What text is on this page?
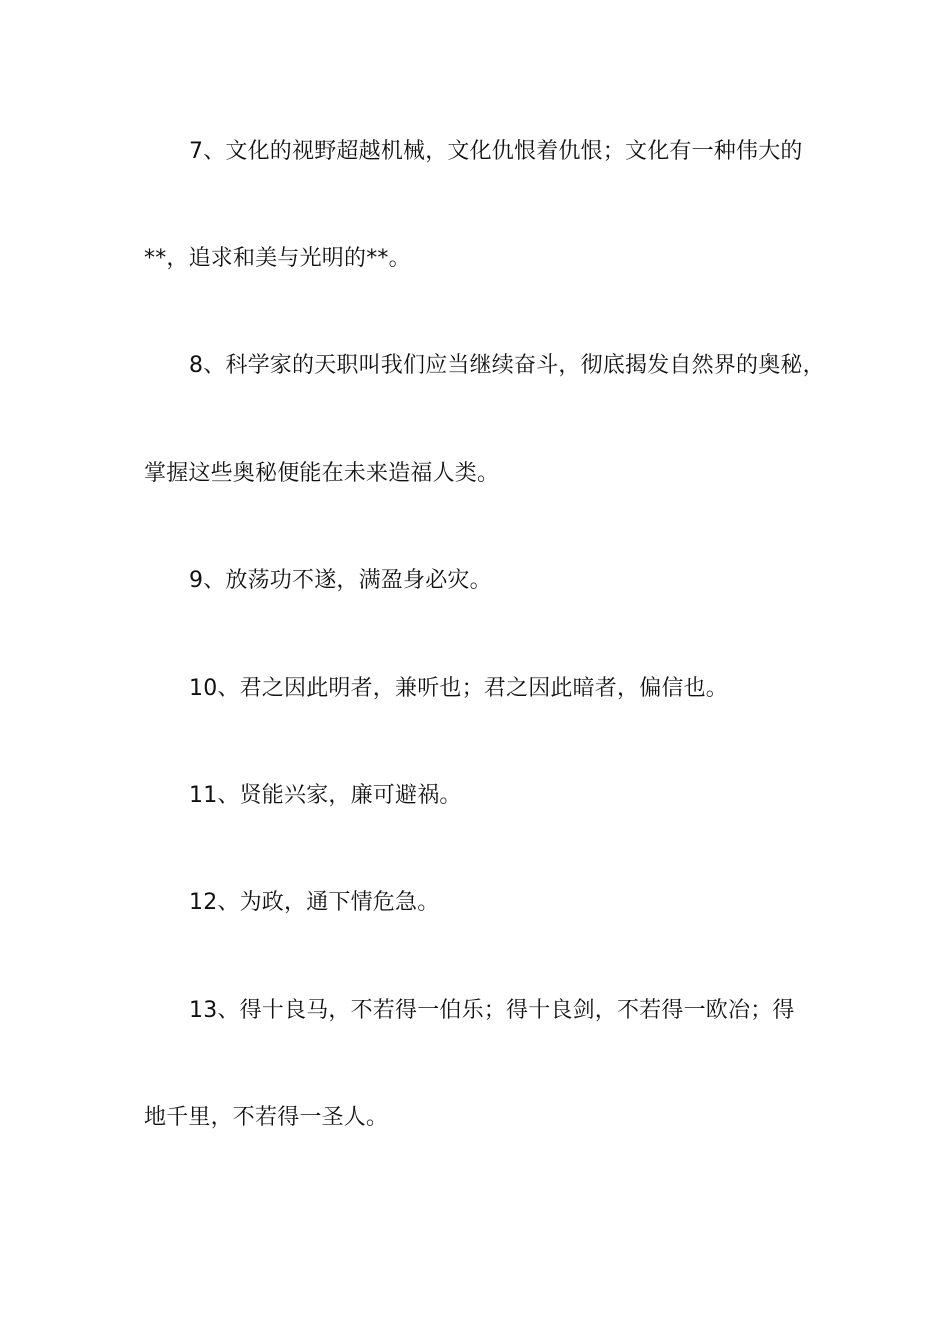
7、文化的视野超越机械，文化仇恨着仇恨；文化有一种伟大的
**，追求和美与光明的**。
8、科学家的天职叫我们应当继续奋斗，彻底揭发自然界的奥秘，
掌握这些奥秘便能在未来造福人类。
9、放荡功不遂，满盈身必灾。
10、君之因此明者，兼听也；君之因此暗者，偏信也。
11、贤能兴家，廉可避祸。
12、为政，通下情危急。
13、得十良马，不若得一伯乐；得十良剑，不若得一欧冶；得
地千里，不若得一圣人。
